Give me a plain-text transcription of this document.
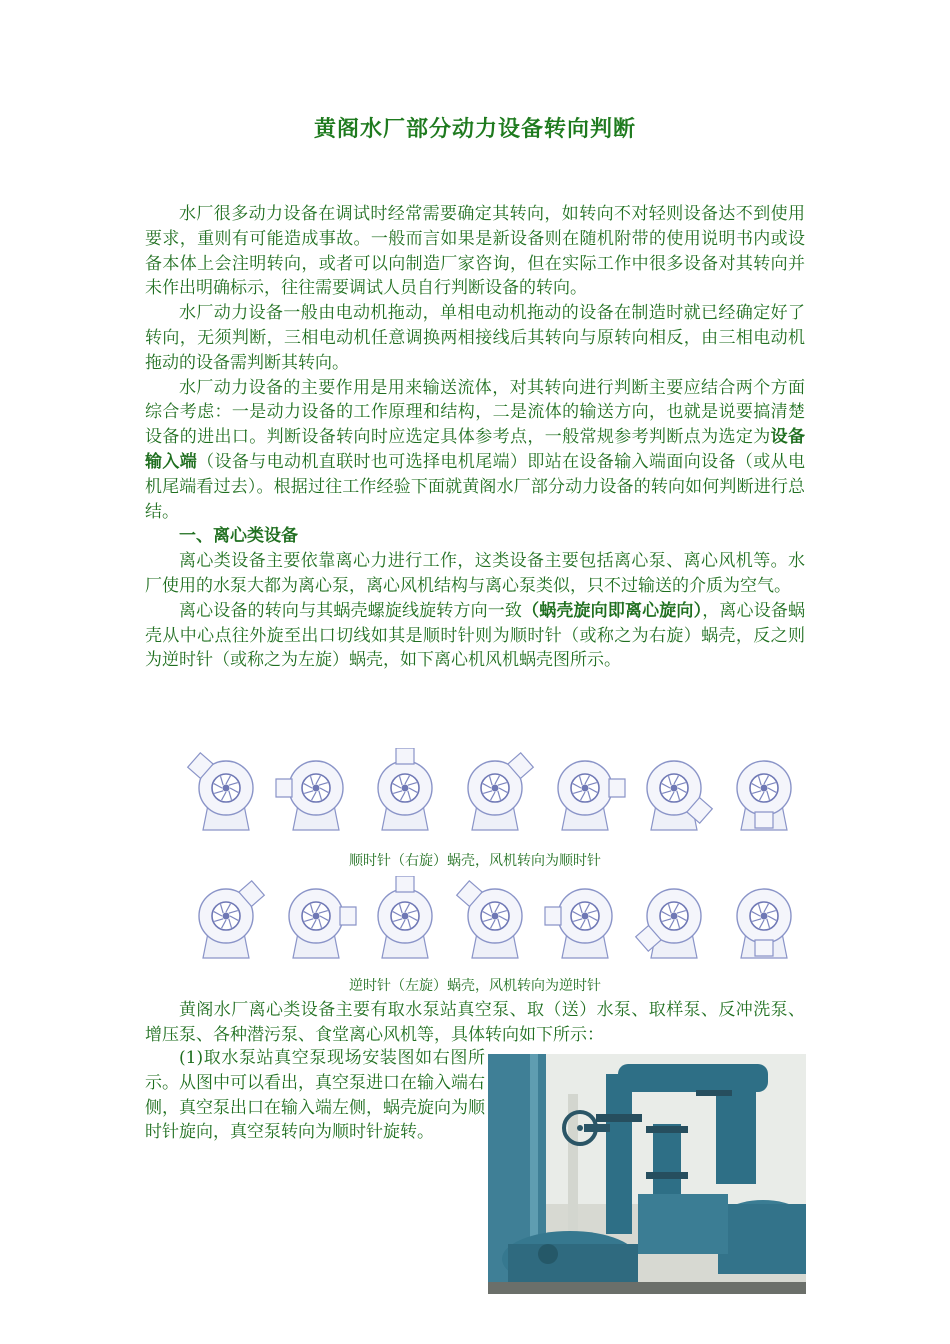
黄阁水厂部分动力设备转向判断

水厂很多动力设备在调试时经常需要确定其转向，如转向不对轻则设备达不到使用要求，重则有可能造成事故。一般而言如果是新设备则在随机附带的使用说明书内或设备本体上会注明转向，或者可以向制造厂家咨询，但在实际工作中很多设备对其转向并未作出明确标示，往往需要调试人员自行判断设备的转向。

水厂动力设备一般由电动机拖动，单相电动机拖动的设备在制造时就已经确定好了转向，无须判断，三相电动机任意调换两相接线后其转向与原转向相反，由三相电动机拖动的设备需判断其转向。

水厂动力设备的主要作用是用来输送流体，对其转向进行判断主要应结合两个方面综合考虑：一是动力设备的工作原理和结构，二是流体的输送方向，也就是说要搞清楚设备的进出口。判断设备转向时应选定具体参考点，一般常规参考判断点为选定为设备输入端（设备与电动机直联时也可选择电机尾端）即站在设备输入端面向设备（或从电机尾端看过去）。根据过往工作经验下面就黄阁水厂部分动力设备的转向如何判断进行总结。

一、离心类设备

离心类设备主要依靠离心力进行工作，这类设备主要包括离心泵、离心风机等。水厂使用的水泵大都为离心泵，离心风机结构与离心泵类似，只不过输送的介质为空气。

离心设备的转向与其蜗壳螺旋线旋转方向一致（蜗壳旋向即离心旋向），离心设备蜗壳从中心点往外旋至出口切线如其是顺时针则为顺时针（或称之为右旋）蜗壳，反之则为逆时针（或称之为左旋）蜗壳，如下离心机风机蜗壳图所示。

顺时针（右旋）蜗壳，风机转向为顺时针
逆时针（左旋）蜗壳，风机转向为逆时针

黄阁水厂离心类设备主要有取水泵站真空泵、取（送）水泵、取样泵、反冲洗泵、增压泵、各种潜污泵、食堂离心风机等，具体转向如下所示：

(1)取水泵站真空泵现场安装图如右图所示。从图中可以看出，真空泵进口在输入端右侧，真空泵出口在输入端左侧，蜗壳旋向为顺时针旋向，真空泵转向为顺时针旋转。
